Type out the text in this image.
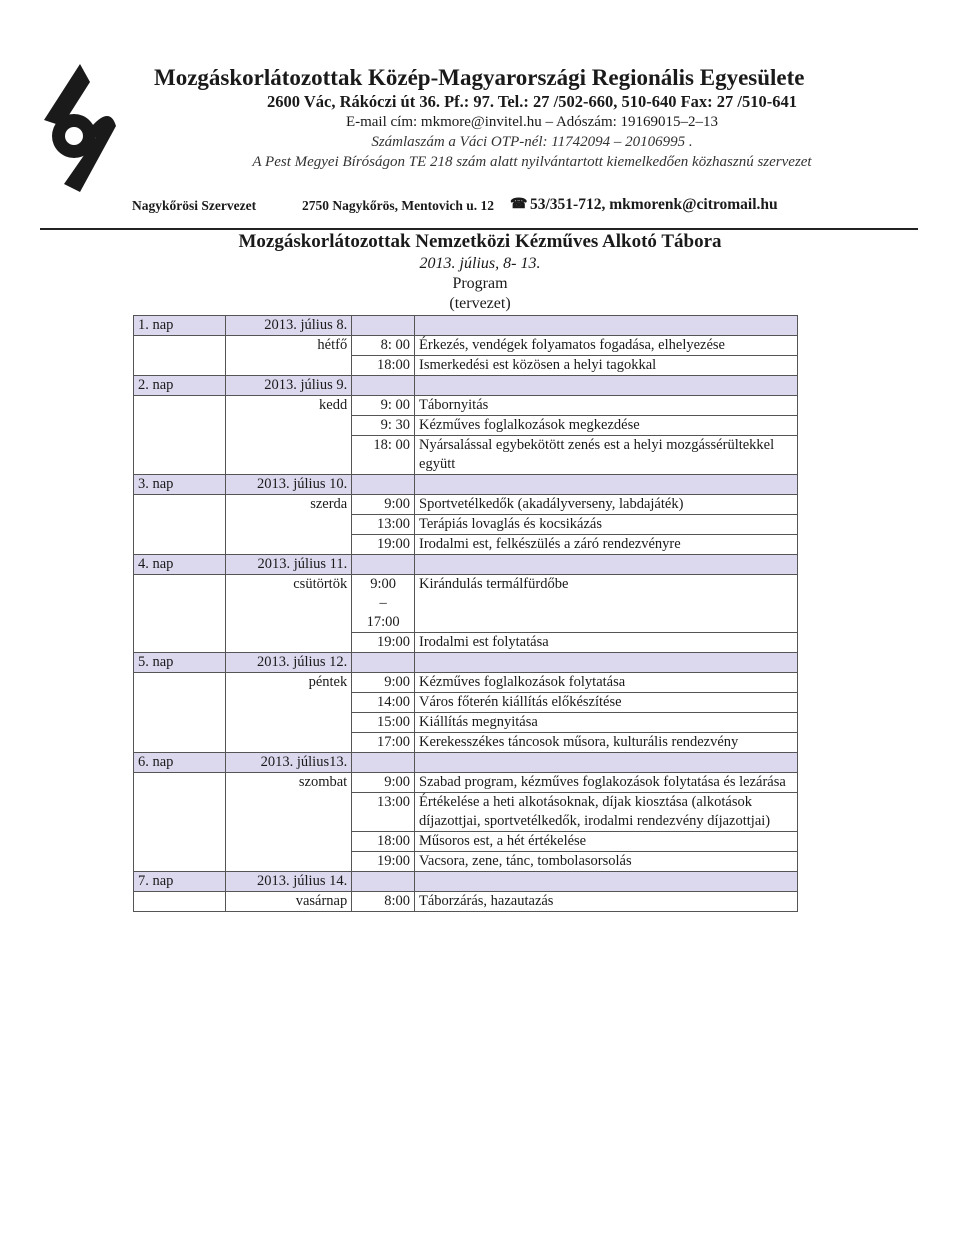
Mozgáskorlátozottak Közép-Magyarországi Regionális Egyesülete
2600 Vác, Rákóczi út 36. Pf.: 97. Tel.: 27 /502-660, 510-640 Fax: 27 /510-641
E-mail cím: mkmore@invitel.hu – Adószám: 19169015–2–13
Számlaszám a Váci OTP-nél: 11742094 – 20106995 .
A Pest Megyei Bíróságon TE 218 szám alatt nyilvántartott kiemelkedően közhasznú szervezet
Nagykőrösi Szervezet	2750 Nagykőrös, Mentovich u. 12 ☎ 53/351-712, mkmorenk@citromail.hu
Mozgáskorlátozottak Nemzetközi Kézműves Alkotó Tábora
2013. július, 8- 13.
Program
(tervezet)
1. nap	2013. július 8.		
	hétfő	8: 00	Érkezés, vendégek folyamatos fogadása, elhelyezése
		18:00	Ismerkedési est közösen a helyi tagokkal
2. nap	2013. július 9.		
	kedd	9: 00	Tábornyitás
		9: 30	Kézműves foglalkozások megkezdése
		18: 00	Nyársalással egybekötött zenés est a helyi mozgássérültekkel együtt
3. nap	2013. július 10.		
	szerda	9:00	Sportvetélkedők (akadályverseny, labdajáték)
		13:00	Terápiás lovaglás és kocsikázás
		19:00	Irodalmi est, felkészülés a záró rendezvényre
4. nap	2013. július 11.		
	csütörtök	9:00
–
17:00	Kirándulás termálfürdőbe
		19:00	Irodalmi est folytatása
5. nap	2013. július 12.		
	péntek	9:00	Kézműves foglalkozások folytatása
		14:00	Város főterén kiállítás előkészítése
		15:00	Kiállítás megnyitása
		17:00	Kerekesszékes táncosok műsora, kulturális rendezvény
6. nap	2013. július13.		
	szombat	9:00	Szabad program, kézműves foglakozások folytatása és lezárása
		13:00	Értékelése a heti alkotásoknak, díjak kiosztása (alkotások díjazottjai, sportvetélkedők, irodalmi rendezvény díjazottjai)
		18:00	Műsoros est, a hét értékelése
		19:00	Vacsora, zene, tánc, tombolasorsolás
7. nap	2013. július 14.		
	vasárnap	8:00	Táborzárás, hazautazás
